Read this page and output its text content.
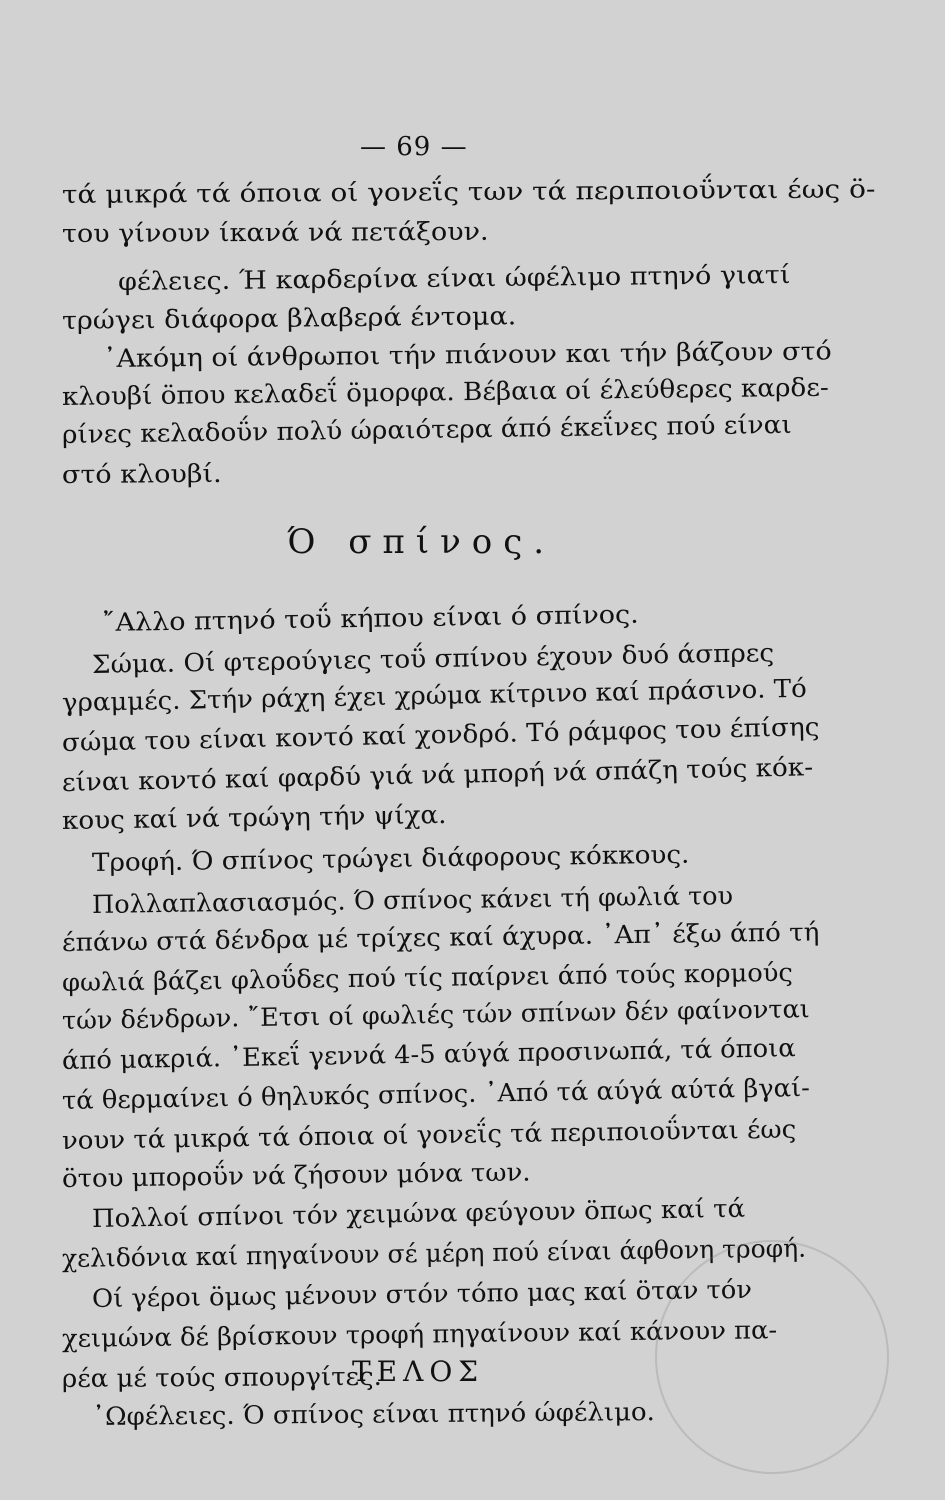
— 69 —
τά μικρά τά όποια οί γονεΐς των τά περιποιοΰνται έως ö-
του γίνουν ίκανά νά πετάξουν.
φέλειες. Ή καρδερίνα είναι ώφέλιμο πτηνό γιατί
τρώγει διάφορα βλαβερά έντομα.
᾿Ακόμη οί άνθρωποι τήν πιάνουν και τήν βάζουν στό
κλουβί öπου κελαδεΐ öμορφα. Βέβαια οί έλεύθερες καρδε-
ρίνες κελαδοΰν πολύ ώραιότερα άπό έκεΐνες πού είναι
στό κλουβί.
Ό σπίνος.
῎Αλλο πτηνό τοΰ κήπου είναι ό σπίνος.
Σώμα. Οί φτερούγιες τοΰ σπίνου έχουν δυό άσπρες
γραμμές. Στήν ράχη έχει χρώμα κίτρινο καί πράσινο. Τό
σώμα του είναι κοντό καί χονδρό. Τό ράμφος του έπίσης
είναι κοντό καί φαρδύ γιά νά μπορή νά σπάζη τούς κόκ-
κους καί νά τρώγη τήν ψίχα.
Τροφή. Ό σπίνος τρώγει διάφορους κόκκους.
Πολλαπλασιασμός. Ό σπίνος κάνει τή φωλιά του
έπάνω στά δένδρα μέ τρίχες καί άχυρα. ᾿Απ᾿ έξω άπό τή
φωλιά βάζει φλοΰδες πού τίς παίρνει άπό τούς κορμούς
τών δένδρων. ῎Ετσι οί φωλιές τών σπίνων δέν φαίνονται
άπό μακριά. ᾿Εκεΐ γεννά 4-5 αύγά προσινωπά, τά όποια
τά θερμαίνει ό θηλυκός σπίνος. ᾿Από τά αύγά αύτά βγαί-
νουν τά μικρά τά όποια οί γονεΐς τά περιποιοΰνται έως
öτου μποροΰν νά ζήσουν μόνα των.
Πολλοί σπίνοι τόν χειμώνα φεύγουν öπως καί τά
χελιδόνια καί πηγαίνουν σέ μέρη πού είναι άφθονη τροφή.
Οί γέροι öμως μένουν στόν τόπο μας καί öταν τόν
χειμώνα δέ βρίσκουν τροφή πηγαίνουν καί κάνουν πα-
ρέα μέ τούς σπουργίτες.
᾿Ωφέλειες. Ό σπίνος είναι πτηνό ώφέλιμο.
ΤΕΛΟΣ
